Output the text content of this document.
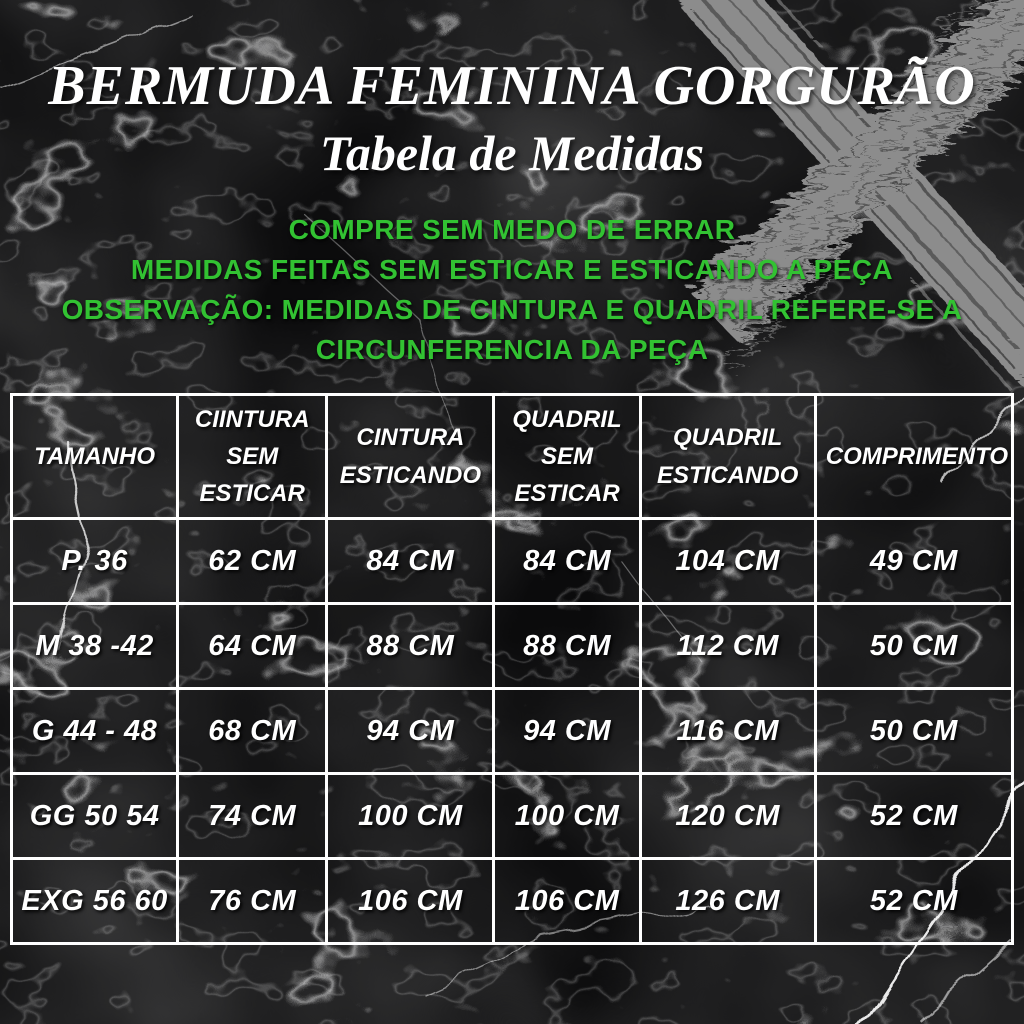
BERMUDA FEMININA GORGURÃO
Tabela de Medidas
COMPRE SEM MEDO DE ERRAR
MEDIDAS FEITAS SEM ESTICAR E ESTICANDO A PEÇA
OBSERVAÇÃO: MEDIDAS DE CINTURA E QUADRIL REFERE-SE A
CIRCUNFERENCIA DA PEÇA
TAMANHO	CIINTURA SEM ESTICAR	CINTURA ESTICANDO	QUADRIL SEM ESTICAR	QUADRIL ESTICANDO	COMPRIMENTO
P. 36	62 CM	84 CM	84 CM	104 CM	49 CM
M 38 -42	64 CM	88 CM	88 CM	112 CM	50 CM
G 44 - 48	68 CM	94 CM	94 CM	116 CM	50 CM
GG 50 54	74 CM	100 CM	100 CM	120 CM	52 CM
EXG 56 60	76 CM	106 CM	106 CM	126 CM	52 CM
